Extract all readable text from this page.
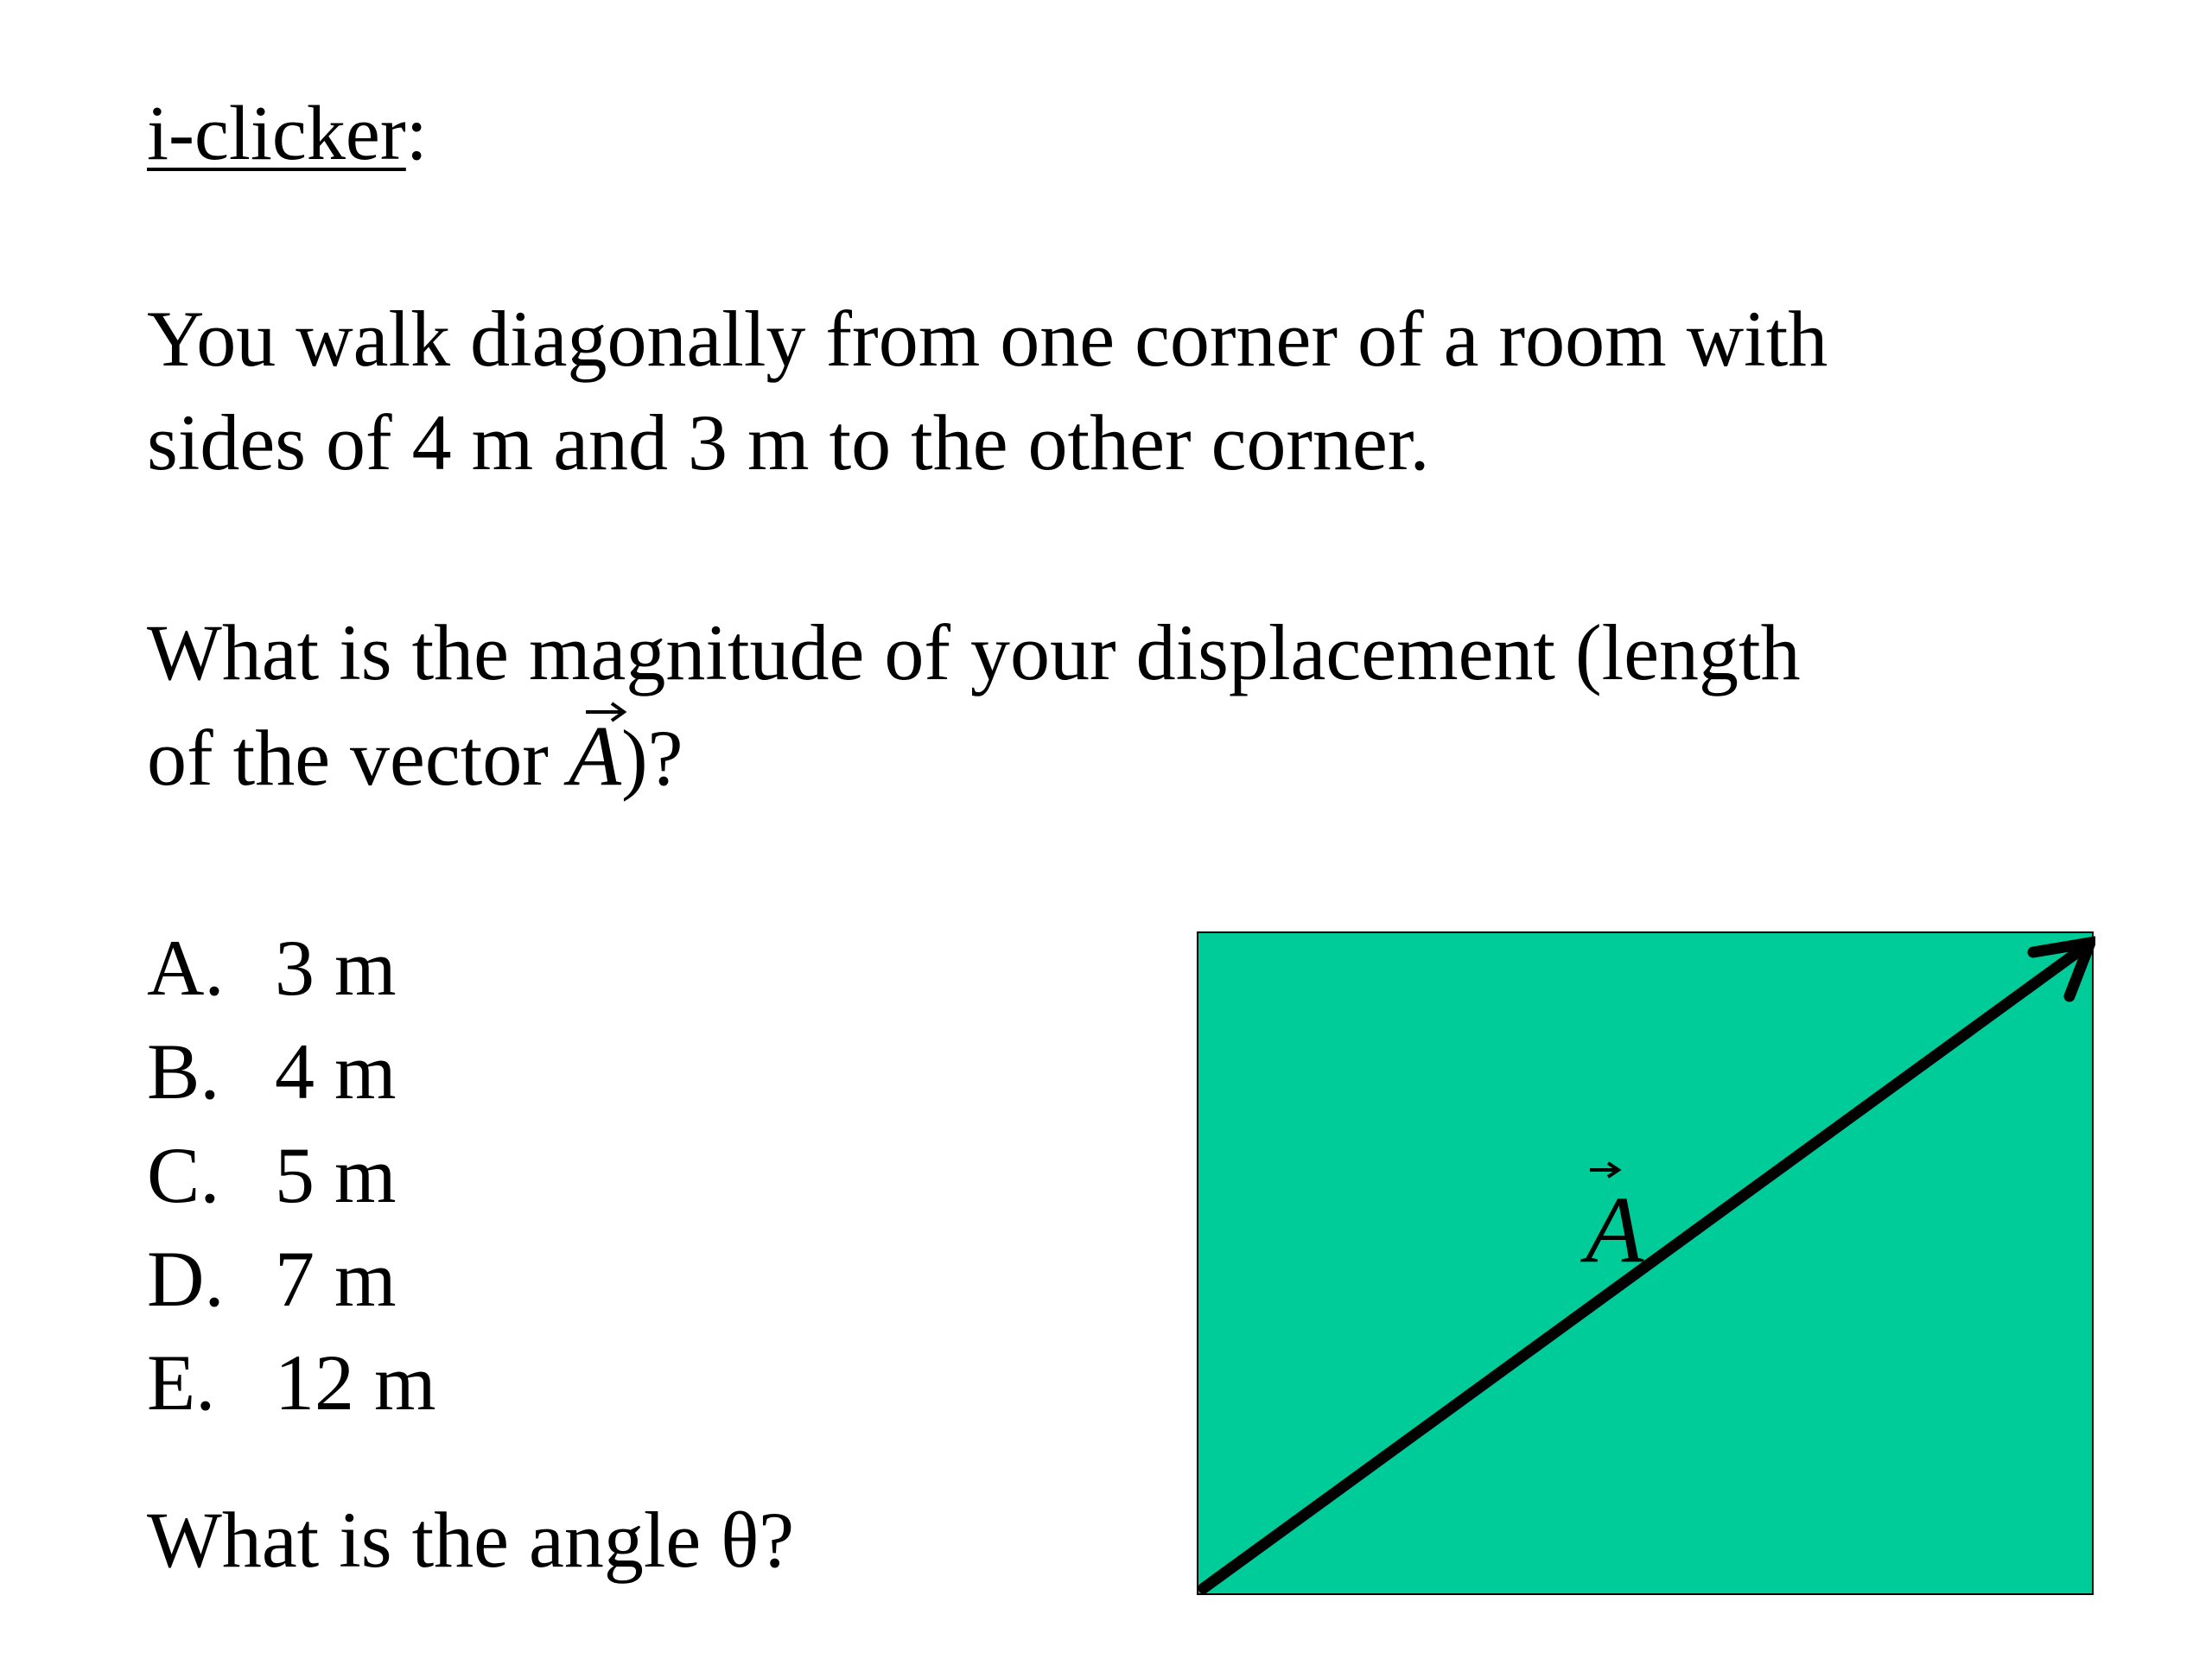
i-clicker:
You walk diagonally from one corner of a room with
sides of 4 m and 3 m to the other corner.
What is the magnitude of your displacement (length
of the vector
A)?
A. 3 m
B. 4 m
C. 5 m
D. 7 m
E. 12 m
What is the angle θ?
A
